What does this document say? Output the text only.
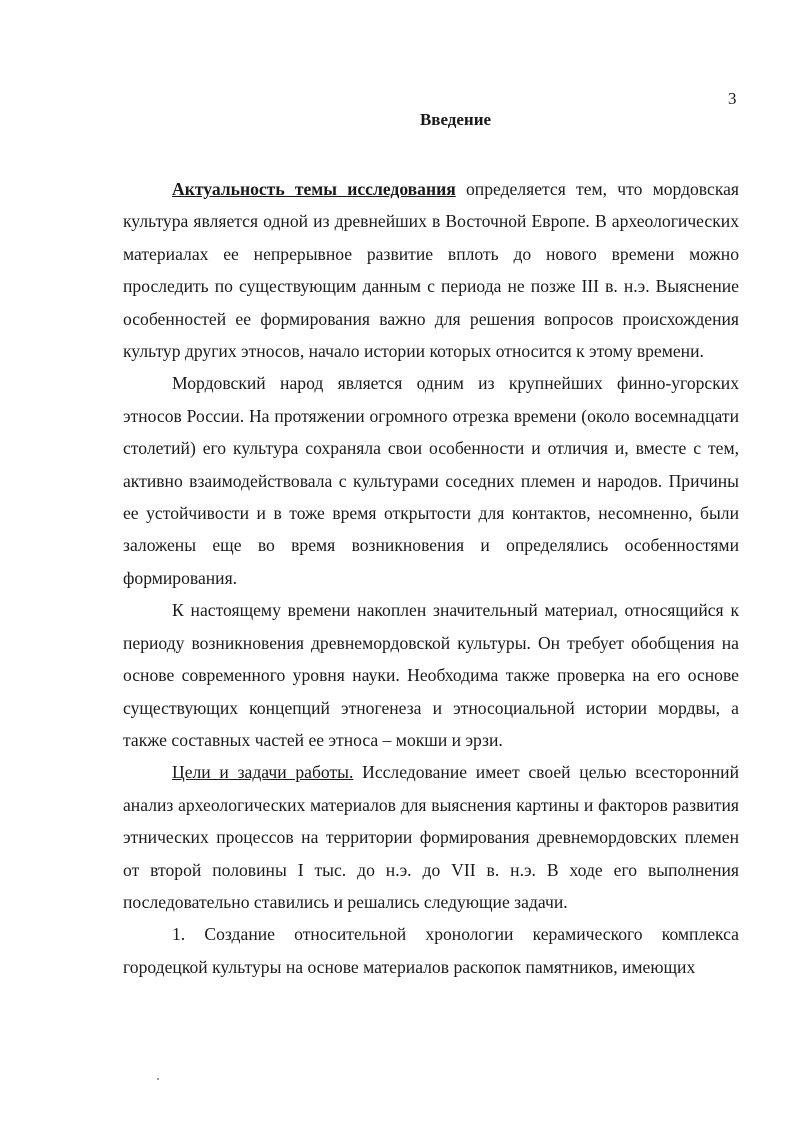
3
Введение

Актуальность темы исследования определяется тем, что мордовская культура является одной из древнейших в Восточной Европе. В археологических материалах ее непрерывное развитие вплоть до нового времени можно проследить по существующим данным с периода не позже III в. н.э. Выяснение особенностей ее формирования важно для решения вопросов происхождения культур других этносов, начало истории которых относится к этому времени.

Мордовский народ является одним из крупнейших финно-угорских этносов России. На протяжении огромного отрезка времени (около восемнадцати столетий) его культура сохраняла свои особенности и отличия и, вместе с тем, активно взаимодействовала с культурами соседних племен и народов. Причины ее устойчивости и в тоже время открытости для контактов, несомненно, были заложены еще во время возникновения и определялись особенностями формирования.

К настоящему времени накоплен значительный материал, относящийся к периоду возникновения древнемордовской культуры. Он требует обобщения на основе современного уровня науки. Необходима также проверка на его основе существующих концепций этногенеза и этносоциальной истории мордвы, а также составных частей ее этноса – мокши и эрзи.

Цели и задачи работы. Исследование имеет своей целью всесторонний анализ археологических материалов для выяснения картины и факторов развития этнических процессов на территории формирования древнемордовских племен от второй половины I тыс. до н.э. до VII в. н.э. В ходе его выполнения последовательно ставились и решались следующие задачи.

1. Создание относительной хронологии керамического комплекса городецкой культуры на основе материалов раскопок памятников, имеющих
